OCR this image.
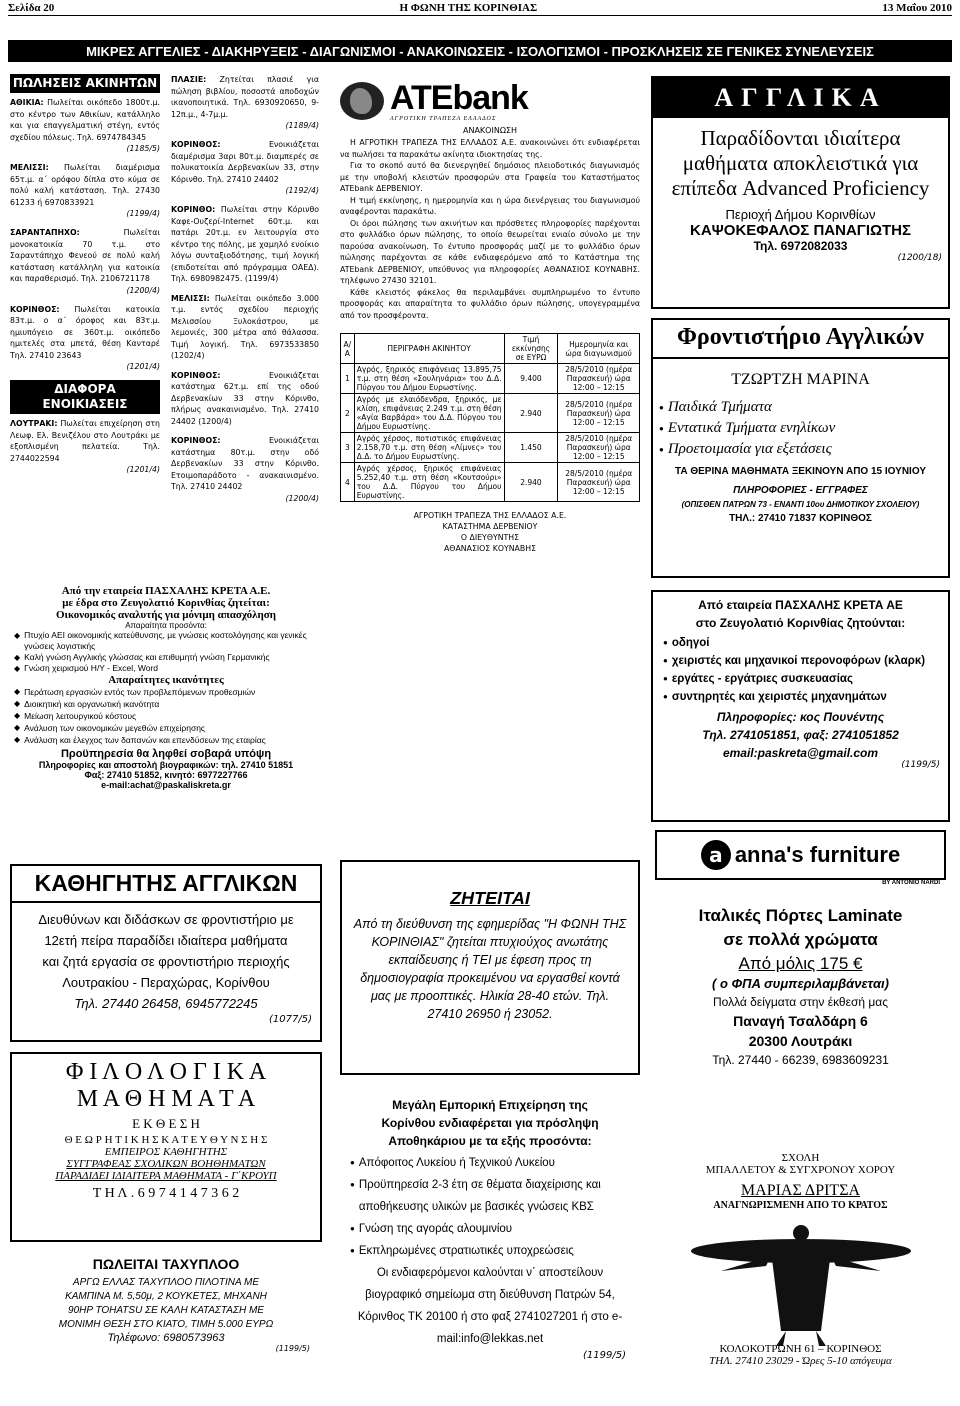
Σελίδα 20	Η ΦΩΝΗ ΤΗΣ ΚΟΡΙΝΘΙΑΣ	13 Μαΐου 2010
ΜΙΚΡΕΣ ΑΓΓΕΛΙΕΣ - ΔΙΑΚΗΡΥΞΕΙΣ - ΔΙΑΓΩΝΙΣΜΟΙ - ΑΝΑΚΟΙΝΩΣΕΙΣ - ΙΣΟΛΟΓΙΣΜΟΙ - ΠΡΟΣΚΛΗΣΕΙΣ ΣΕ ΓΕΝΙΚΕΣ ΣΥΝΕΛΕΥΣΕΙΣ
ΠΩΛΗΣΕΙΣ ΑΚΙΝΗΤΩΝ

ΑΘΙΚΙΑ: Πωλείται οικόπεδο 1800τ.μ. στο κέντρο των Αθικίων, κατάλληλο και για επαγγελματική στέγη, εντός σχεδίου πόλεως. Τηλ. 6974784345

(1185/5)

ΜΕΛΙΣΣΙ: Πωλείται διαμέρισμα 65τ.μ. α΄ ορόφου δίπλα στο κύμα σε πολύ καλή κατάσταση. Τηλ. 27430 61233 ή 6970833921

(1199/4)

ΣΑΡΑΝΤΑΠΗΧΟ:	Πωλείται μονοκατοικία 70 τ.μ. στο Σαραντάπηχο Φενεού σε πολύ καλή κατάσταση κατάλληλη για κατοικία και παραθερισμό. Τηλ. 2106721178

(1200/4)

ΚΟΡΙΝΘΟΣ: Πωλείται κατοικία 83τ.μ. ο α΄ όροφος και 83τ.μ. ημιυπόγειο σε 360τ.μ. οικόπεδο ημιτελές στα μπετά, θέση Κανταρέ Τηλ. 27410 23643

(1201/4)
ΔΙΑΦΟΡΑ ΕΝΟΙΚΙΑΣΕΙΣ

ΛΟΥΤΡΑΚΙ: Πωλείται επιχείρηση στη Λεωφ. Ελ. Βενιζέλου στο Λουτράκι με εξοπλισμένη πελατεία. Τηλ. 2744022594

(1201/4)

ΠΛΑΣΙΕ: Ζητείται πλασιέ για πώληση βιβλίου, ποσοστά αποδοχών ικανοποιητικά. Τηλ. 6930920650, 9-12π.μ., 4-7μ.μ.

(1189/4)

ΚΟΡΙΝΘΟΣ:	Ενοικιάζεται διαμέρισμα 3αρι 80τ.μ. διαμπερές σε πολυκατοικία Δερβενακίων 33, στην Κόρινθο. Τηλ. 27410 24402

(1192/4)

ΚΟΡΙΝΘΟ: Πωλείται στην Κόρινθο Καφε-Ουζερί-Internet 60τ.μ. και πατάρι 20τ.μ. εν λειτουργία στο κέντρο της πόλης, με χαμηλό ενοίκιο λόγω συνταξιοδότησης, τιμή λογική (επιδοτείται από πρόγραμμα ΟΑΕΔ). Τηλ. 6980982475. (1199/4)

ΜΕΛΙΣΣΙ: Πωλείται οικόπεδο 3.000 τ.μ. εντός σχεδίου περιοχής Μελισσίου Ξυλοκάστρου, με λεμονιές, 300 μέτρα από θάλασσα. Τιμή λογική. Τηλ. 6973533850 (1202/4)

ΚΟΡΙΝΘΟΣ:	Ενοικιάζεται κατάστημα 62τ.μ. επί της οδού Δερβενακίων 33 στην Κόρινθο, πλήρως ανακαινισμένο. Τηλ. 27410 24402 (1200/4)

ΚΟΡΙΝΘΟΣ:	Ενοικιάζεται κατάστημα 80τ.μ. στην οδό Δερβενακίων 33 στην Κόρινθο. Ετοιμοπαράδοτο - ανακαινισμένο. Τηλ. 27410 24402

(1200/4)
ATEbank
ΑΓΡΟΤΙΚΗ ΤΡΑΠΕΖΑ ΕΛΛΑΔΟΣ
ΑΝΑΚΟΙΝΩΣΗ

Η ΑΓΡΟΤΙΚΗ ΤΡΑΠΕΖΑ ΤΗΣ ΕΛΛΑΔΟΣ Α.Ε. ανακοινώνει ότι ενδιαφέρεται να πωλήσει τα παρακάτω ακίνητα ιδιοκτησίας της.

Για το σκοπό αυτό θα διενεργηθεί δημόσιος πλειοδοτικός διαγωνισμός με την υποβολή κλειστών προσφορών στα Γραφεία του Καταστήματος ATEbank ΔΕΡΒΕΝΙΟΥ.

Η τιμή εκκίνησης, η ημερομηνία και η ώρα διενέργειας του διαγωνισμού αναφέρονται παρακάτω.

Οι όροι πώλησης των ακινήτων και πρόσθετες πληροφορίες παρέχονται στο φυλλάδιο όρων πώλησης, το οποίο θεωρείται ενιαίο σύνολο με την παρούσα ανακοίνωση. Το έντυπο προσφοράς μαζί με το φυλλάδιο όρων πώλησης παρέχονται σε κάθε ενδιαφερόμενο από το Κατάστημα της ATEbank ΔΕΡΒΕΝΙΟΥ, υπεύθυνος για πληροφορίες ΑΘΑΝΑΣΙΟΣ ΚΟΥΝΑΒΗΣ. τηλέφωνο 27430 32101.

Κάθε κλειστός φάκελος θα περιλαμβάνει συμπληρωμένο το έντυπο προσφοράς και απαραίτητα το φυλλάδιο όρων πώλησης, υπογεγραμμένα από τον προσφέροντα.

Α/Α	ΠΕΡΙΓΡΑΦΗ ΑΚΙΝΗΤΟΥ	Τιμή εκκίνησης σε ΕΥΡΩ	Ημερομηνία και ώρα διαγωνισμού
1	Αγρός, ξηρικός επιφάνειας 13.895,75 τ.μ. στη θέση «Σουληνάρια» του Δ.Δ. Πύργου του Δήμου Ευρωστίνης.	9.400	28/5/2010 (ημέρα Παρασκευή) ώρα 12:00 – 12:15
2	Αγρός με ελαιόδενδρα, ξηρικός, με κλίση, επιφάνειας 2.249 τ.μ. στη θέση «Αγία Βαρβάρα» του Δ.Δ. Πύργου του Δήμου Ευρωστίνης.	2.940	28/5/2010 (ημέρα Παρασκευή) ώρα 12:00 – 12:15
3	Αγρός χέρσος, ποτιστικός επιφάνειας 2.158,70 τ.μ. στη θέση «Λίμνες» του Δ.Δ. το Δήμου Ευρωστίνης.	1.450	28/5/2010 (ημέρα Παρασκευή) ώρα 12:00 – 12:15
4	Αγρός χέρσος, ξηρικός επιφάνειας 5.252,40 τ.μ. στη θέση «Κουτσούρι» του Δ.Δ. Πύργου του Δήμου Ευρωστίνης.	2.940	28/5/2010 (ημέρα Παρασκευή) ώρα 12:00 – 12:15
ΑΓΡΟΤΙΚΗ ΤΡΑΠΕΖΑ ΤΗΣ ΕΛΛΑΔΟΣ Α.Ε.
ΚΑΤΑΣΤΗΜΑ ΔΕΡΒΕΝΙΟΥ
Ο ΔΙΕΥΘΥΝΤΗΣ
ΑΘΑΝΑΣΙΟΣ ΚΟΥΝΑΒΗΣ
ΑΓΓΛΙΚΑ
Παραδίδονται ιδιαίτερα
μαθήματα αποκλειστικά για
επίπεδα Advanced Proficiency
Περιοχή Δήμου Κορινθίων
ΚΑΨΟΚΕΦΑΛΟΣ ΠΑΝΑΓΙΩΤΗΣ
Τηλ. 6972082033
(1200/18)
Φροντιστήριο Αγγλικών
ΤΖΩΡΤΖΗ ΜΑΡΙΝΑ
● Παιδικά Τμήματα
● Εντατικά Τμήματα ενηλίκων
● Προετοιμασία για εξετάσεις
ΤΑ ΘΕΡΙΝΑ ΜΑΘΗΜΑΤΑ ΞΕΚΙΝΟΥΝ ΑΠΟ 15 ΙΟΥΝΙΟΥ
ΠΛΗΡΟΦΟΡΙΕΣ - ΕΓΓΡΑΦΕΣ
(ΟΠΙΣΘΕΝ ΠΑΤΡΩΝ 73 - ΕΝΑΝΤΙ 10ου ΔΗΜΟΤΙΚΟΥ ΣΧΟΛΕΙΟΥ)
ΤΗΛ.: 27410 71837 ΚΟΡΙΝΘΟΣ
Από την εταιρεία ΠΑΣΧΑΛΗΣ ΚΡΕΤΑ Α.Ε.
με έδρα στο Ζευγολατιό Κορινθίας ζητείται:
Οικονομικός αναλυτής για μόνιμη απασχόληση
Απαραίτητα προσόντα:
◆ Πτυχίο ΑΕΙ οικονομικής κατεύθυνσης, με γνώσεις κοστολόγησης και γενικές γνώσεις λογιστικής
◆ Καλή γνώση Αγγλικής γλώσσας και επιθυμητή γνώση Γερμανικής
◆ Γνώση χειρισμού Η/Υ - Excel, Word
Απαραίτητες ικανότητες
◆ Περάτωση εργασιών εντός των προβλεπόμενων προθεσμιών
◆ Διοικητική και οργανωτική ικανότητα
◆ Μείωση λειτουργικού κόστους
◆ Ανάλυση των οικονομικών μεγεθών επιχείρησης
◆ Ανάλυση και έλεγχος των δαπανών και επενδύσεων της εταιρίας
Προϋπηρεσία θα ληφθεί σοβαρά υπόψη
Πληροφορίες και αποστολή βιογραφικών: τηλ. 27410 51851
Φαξ: 27410 51852, κινητό: 6977227766
e-mail:achat@paskaliskreta.gr
ΚΑΘΗΓΗΤΗΣ ΑΓΓΛΙΚΩΝ
Διευθύνων και διδάσκων σε φροντιστήριο με
12ετή πείρα παραδίδει ιδιαίτερα μαθήματα
και ζητά εργασία σε φροντιστήριο περιοχής
Λουτρακίου - Περαχώρας, Κορίνθου
Τηλ. 27440 26458, 6945772245
(1077/5)
Φ Ι Λ Ο Λ Ο Γ Ι Κ Α
Μ Α Θ Η Μ Α Τ Α
Ε Κ Θ Ε Σ Η
Θ Ε Ω Ρ Η Τ Ι Κ Η Σ Κ Α Τ Ε Υ Θ Υ Ν Σ Η Σ
ΕΜΠΕΙΡΟΣ ΚΑΘΗΓΗΤΗΣ
ΣΥΓΓΡΑΦΕΑΣ ΣΧΟΛΙΚΩΝ ΒΟΗΘΗΜΑΤΩΝ
ΠΑΡΑΔΙΔΕΙ ΙΔΙΑΙΤΕΡΑ ΜΑΘΗΜΑΤΑ - Γ΄ΚΡΟΥΠ
Τ Η Λ . 6 9 7 4 1 4 7 3 6 2
ΠΩΛΕΙΤΑΙ ΤΑΧΥΠΛΟΟ
ΑΡΓΩ ΕΛΛΑΣ ΤΑΧΥΠΛΟΟ ΠΙΛΟΤΙΝΑ ΜΕ
ΚΑΜΠΙΝΑ Μ. 5,50μ, 2 ΚΟΥΚΕΤΕΣ, ΜΗΧΑΝΗ
90HP TOHATSU ΣΕ ΚΑΛΗ ΚΑΤΑΣΤΑΣΗ ΜΕ
ΜΟΝΙΜΗ ΘΕΣΗ ΣΤΟ ΚΙΑΤΟ, ΤΙΜΗ 5.000 ΕΥΡΩ
Τηλέφωνο: 6980573963
(1199/5)
ΖΗΤΕΙΤΑΙ
Από τη διεύθυνση της εφημερίδας "Η ΦΩΝΗ ΤΗΣ ΚΟΡΙΝΘΙΑΣ" ζητείται πτυχιούχος ανωτάτης εκπαίδευσης ή ΤΕΙ με έφεση προς τη δημοσιογραφία προκειμένου να εργασθεί κοντά μας με προοπτικές. Ηλικία 28-40 ετών. Τηλ. 27410 26950 ή 23052.
Μεγάλη Εμπορική Επιχείρηση της
Κορίνθου ενδιαφέρεται για πρόσληψη
Αποθηκάριου με τα εξής προσόντα:
● Απόφοιτος Λυκείου ή Τεχνικού Λυκείου
● Προϋπηρεσία 2-3 έτη σε θέματα διαχείρισης και αποθήκευσης υλικών με βασικές γνώσεις ΚΒΣ
● Γνώση της αγοράς αλουμινίου
● Εκπληρωμένες στρατιωτικές υποχρεώσεις
Οι ενδιαφερόμενοι καλούνται ν΄ αποστείλουν βιογραφικό σημείωμα στη διεύθυνση Πατρών 54, Κόρινθος ΤΚ 20100 ή στο φαξ 2741027201 ή στο e-mail:info@lekkas.net
(1199/5)
Από εταιρεία ΠΑΣΧΑΛΗΣ ΚΡΕΤΑ ΑΕ
στο Ζευγολατιό Κορινθίας ζητούνται:
● οδηγοί
● χειριστές και μηχανικοί περονοφόρων (κλαρκ)
● εργάτες - εργάτριες συσκευασίας
● συντηρητές και χειριστές μηχανημάτων
Πληροφορίες: κος Πουνέντης
Τηλ. 2741051851, φαξ: 2741051852
email:paskreta@gmail.com
(1199/5)
a anna's furniture
BY ANTONIO NARDI
Ιταλικές Πόρτες Laminate
σε πολλά χρώματα
Από μόλις 175 €
( ο ΦΠΑ συμπεριλαμβάνεται)
Πολλά δείγματα στην έκθεσή μας
Παναγή Τσαλδάρη 6
20300 Λουτράκι
Τηλ. 27440 - 66239, 6983609231
ΣΧΟΛΗ
ΜΠΑΛΛΕΤΟΥ & ΣΥΓΧΡΟΝΟΥ ΧΟΡΟΥ
ΜΑΡΙΑΣ ΔΡΙΤΣΑ
ΑΝΑΓΝΩΡΙΣΜΕΝΗ ΑΠΟ ΤΟ ΚΡΑΤΟΣ
ΚΟΛΟΚΟΤΡΩΝΗ 61 – ΚΟΡΙΝΘΟΣ
ΤΗΛ. 27410 23029 - Ώρες 5-10 απόγευμα
